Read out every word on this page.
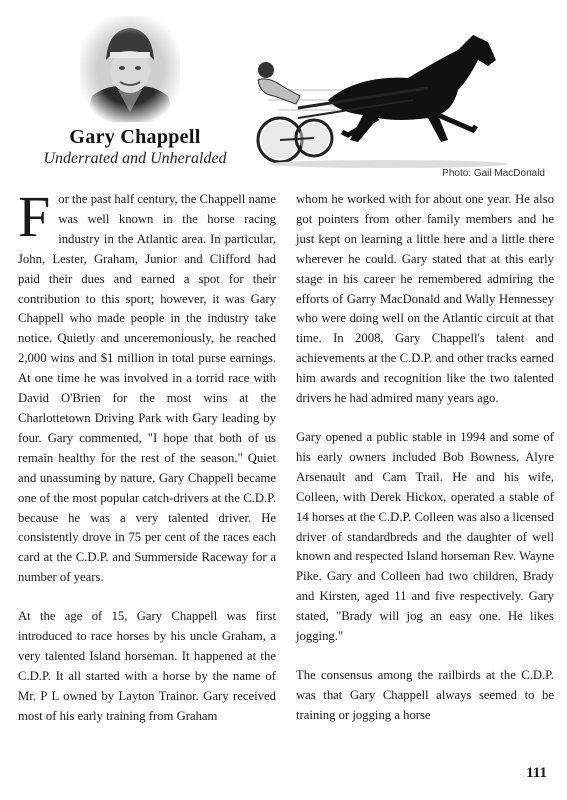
Gary Chappell
Underrated and Unheralded
Photo: Gail MacDonald

For the past half century, the Chappell name was well known in the horse racing industry in the Atlantic area. In particular, John, Lester, Graham, Junior and Clifford had paid their dues and earned a spot for their contribution to this sport; however, it was Gary Chappell who made people in the industry take notice. Quietly and unceremoniously, he reached 2,000 wins and $1 million in total purse earnings. At one time he was involved in a torrid race with David O'Brien for the most wins at the Charlottetown Driving Park with Gary leading by four. Gary commented, "I hope that both of us remain healthy for the rest of the season." Quiet and unassuming by nature, Gary Chappell became one of the most popular catch-drivers at the C.D.P. because he was a very talented driver. He consistently drove in 75 per cent of the races each card at the C.D.P. and Summerside Raceway for a number of years.

At the age of 15, Gary Chappell was first introduced to race horses by his uncle Graham, a very talented Island horseman. It happened at the C.D.P. It all started with a horse by the name of Mr. P L owned by Layton Trainor. Gary received most of his early training from Graham

whom he worked with for about one year. He also got pointers from other family members and he just kept on learning a little here and a little there wherever he could. Gary stated that at this early stage in his career he remembered admiring the efforts of Garry MacDonald and Wally Hennessey who were doing well on the Atlantic circuit at that time. In 2008, Gary Chappell's talent and achievements at the C.D.P. and other tracks earned him awards and recognition like the two talented drivers he had admired many years ago.

Gary opened a public stable in 1994 and some of his early owners included Bob Bowness, Alyre Arsenault and Cam Trail. He and his wife, Colleen, with Derek Hickox, operated a stable of 14 horses at the C.D.P. Colleen was also a licensed driver of standardbreds and the daughter of well known and respected Island horseman Rev. Wayne Pike. Gary and Colleen had two children, Brady and Kirsten, aged 11 and five respectively. Gary stated, "Brady will jog an easy one. He likes jogging."

The consensus among the railbirds at the C.D.P. was that Gary Chappell always seemed to be training or jogging a horse

111
